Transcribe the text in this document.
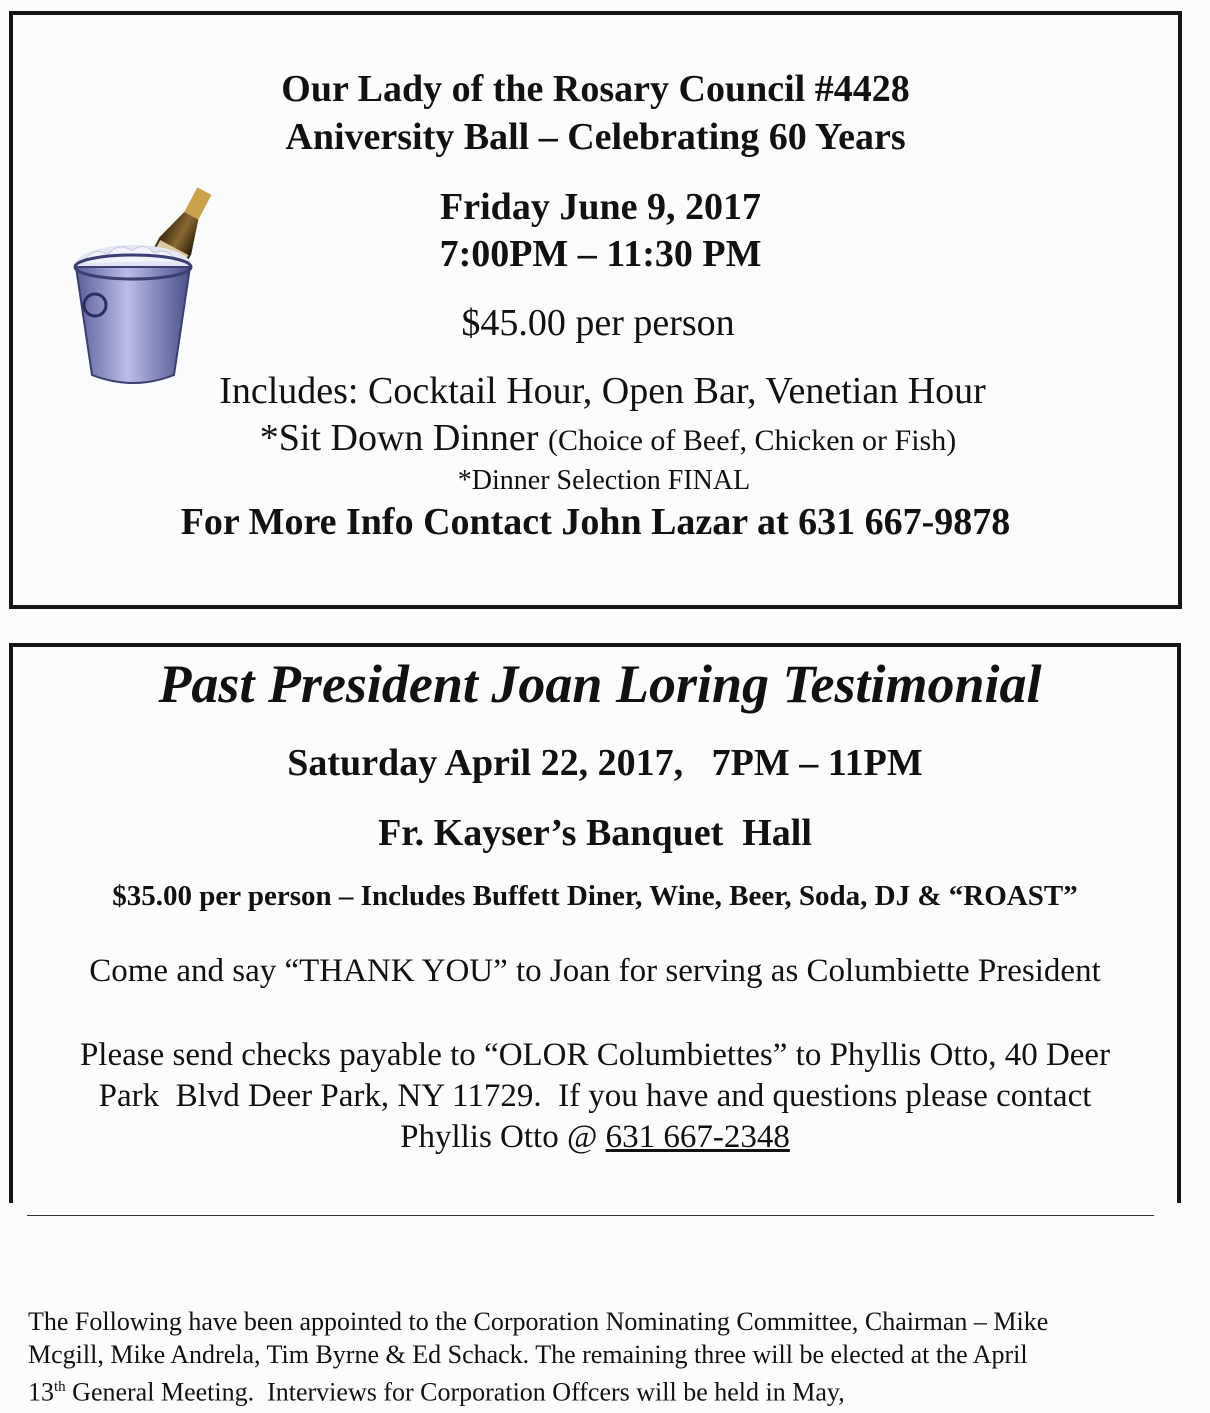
Our Lady of the Rosary Council #4428
Aniversity Ball – Celebrating 60 Years
Friday June 9, 2017
7:00PM – 11:30 PM
$45.00 per person
Includes: Cocktail Hour, Open Bar, Venetian Hour
*Sit Down Dinner (Choice of Beef, Chicken or Fish)
*Dinner Selection FINAL
For More Info Contact John Lazar at 631 667-9878
Past President Joan Loring Testimonial
Saturday April 22, 2017,   7PM – 11PM
Fr. Kayser’s Banquet  Hall
$35.00 per person – Includes Buffett Diner, Wine, Beer, Soda, DJ & “ROAST”
Come and say “THANK YOU” to Joan for serving as Columbiette President
Please send checks payable to “OLOR Columbiettes” to Phyllis Otto, 40 Deer
Park  Blvd Deer Park, NY 11729.  If you have and questions please contact
Phyllis Otto @ 631 667-2348
The Following have been appointed to the Corporation Nominating Committee, Chairman – Mike
Mcgill, Mike Andrela, Tim Byrne & Ed Schack. The remaining three will be elected at the April
13th General Meeting.  Interviews for Corporation Offcers will be held in May,
